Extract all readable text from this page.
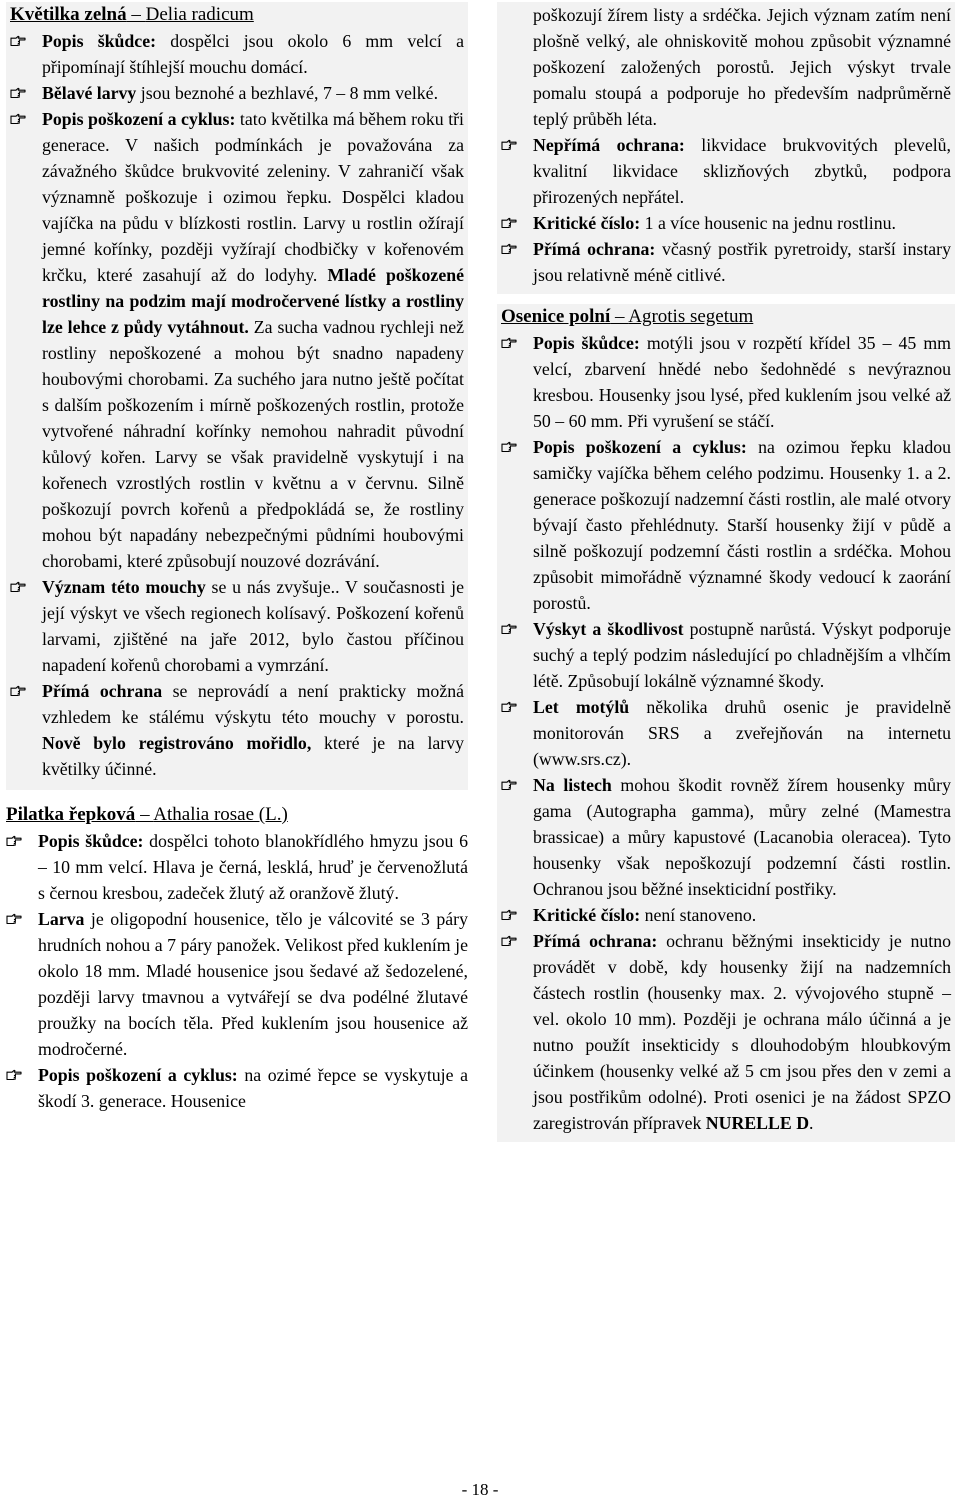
Květilka zelná – Delia radicum
Popis škůdce: dospělci jsou okolo 6 mm velcí a připomínají štíhlejší mouchu domácí.
Bělavé larvy jsou beznohé a bezhlavé, 7 – 8 mm velké.
Popis poškození a cyklus: tato květilka má během roku tři generace. V našich podmínkách je považována za závažného škůdce brukvovité zeleniny. V zahraničí však významně poškozuje i ozimou řepku. Dospělci kladou vajíčka na půdu v blízkosti rostlin. Larvy u rostlin ožírají jemné kořínky, později vyžírají chodbičky v kořenovém krčku, které zasahují až do lodyhy. Mladé poškozené rostliny na podzim mají modročervené lístky a rostliny lze lehce z půdy vytáhnout. Za sucha vadnou rychleji než rostliny nepoškozené a mohou být snadno napadeny houbovými chorobami. Za suchého jara nutno ještě počítat s dalším poškozením i mírně poškozených rostlin, protože vytvořené náhradní kořínky nemohou nahradit původní kůlový kořen. Larvy se však pravidelně vyskytují i na kořenech vzrostlých rostlin v květnu a v červnu. Silně poškozují povrch kořenů a předpokládá se, že rostliny mohou být napadány nebezpečnými půdními houbovými chorobami, které způsobují nouzové dozrávání.
Význam této mouchy se u nás zvyšuje.. V současnosti je její výskyt ve všech regionech kolísavý. Poškození kořenů larvami, zjištěné na jaře 2012, bylo častou příčinou napadení kořenů chorobami a vymrzání.
Přímá ochrana se neprovádí a není prakticky možná vzhledem ke stálému výskytu této mouchy v porostu. Nově bylo registrováno mořidlo, které je na larvy květilky účinné.
Pilatka řepková – Athalia rosae (L.)
Popis škůdce: dospělci tohoto blanokřídlého hmyzu jsou 6 – 10 mm velcí. Hlava je černá, lesklá, hruď je červenožlutá s černou kresbou, zadeček žlutý až oranžově žlutý.
Larva je oligopodní housenice, tělo je válcovité se 3 páry hrudních nohou a 7 páry panožek. Velikost před kuklením je okolo 18 mm. Mladé housenice jsou šedavé až šedozelené, později larvy tmavnou a vytvářejí se dva podélné žlutavé proužky na bocích těla. Před kuklením jsou housenice až modročerné.
Popis poškození a cyklus: na ozimé řepce se vyskytuje a škodí 3. generace. Housenice
poškozují žírem listy a srdéčka. Jejich význam zatím není plošně velký, ale ohniskovitě mohou způsobit významné poškození založených porostů. Jejich výskyt trvale pomalu stoupá a podporuje ho především nadprůměrně teplý průběh léta.
Nepřímá ochrana: likvidace brukvovitých plevelů, kvalitní likvidace sklizňových zbytků, podpora přirozených nepřátel.
Kritické číslo: 1 a více housenic na jednu rostlinu.
Přímá ochrana: včasný postřik pyretroidy, starší instary jsou relativně méně citlivé.
Osenice polní – Agrotis segetum
Popis škůdce: motýli jsou v rozpětí křídel 35 – 45 mm velcí, zbarvení hnědé nebo šedohnědé s nevýraznou kresbou. Housenky jsou lysé, před kuklením jsou velké až 50 – 60 mm. Při vyrušení se stáčí.
Popis poškození a cyklus: na ozimou řepku kladou samičky vajíčka během celého podzimu. Housenky 1. a 2. generace poškozují nadzemní části rostlin, ale malé otvory bývají často přehlédnuty. Starší housenky žijí v půdě a silně poškozují podzemní části rostlin a srdéčka. Mohou způsobit mimořádně významné škody vedoucí k zaorání porostů.
Výskyt a škodlivost postupně narůstá. Výskyt podporuje suchý a teplý podzim následující po chladnějším a vlhčím létě. Způsobují lokálně významné škody.
Let motýlů několika druhů osenic je pravidelně monitorován SRS a zveřejňován na internetu (www.srs.cz).
Na listech mohou škodit rovněž žírem housenky můry gama (Autographa gamma), můry zelné (Mamestra brassicae) a můry kapustové (Lacanobia oleracea). Tyto housenky však nepoškozují podzemní části rostlin. Ochranou jsou běžné insekticidní postřiky.
Kritické číslo: není stanoveno.
Přímá ochrana: ochranu běžnými insekticidy je nutno provádět v době, kdy housenky žijí na nadzemních částech rostlin (housenky max. 2. vývojového stupně – vel. okolo 10 mm). Později je ochrana málo účinná a je nutno použít insekticidy s dlouhodobým hloubkovým účinkem (housenky velké až 5 cm jsou přes den v zemi a jsou postřikům odolné). Proti osenici je na žádost SPZO zaregistrován přípravek NURELLE D.
- 18 -
